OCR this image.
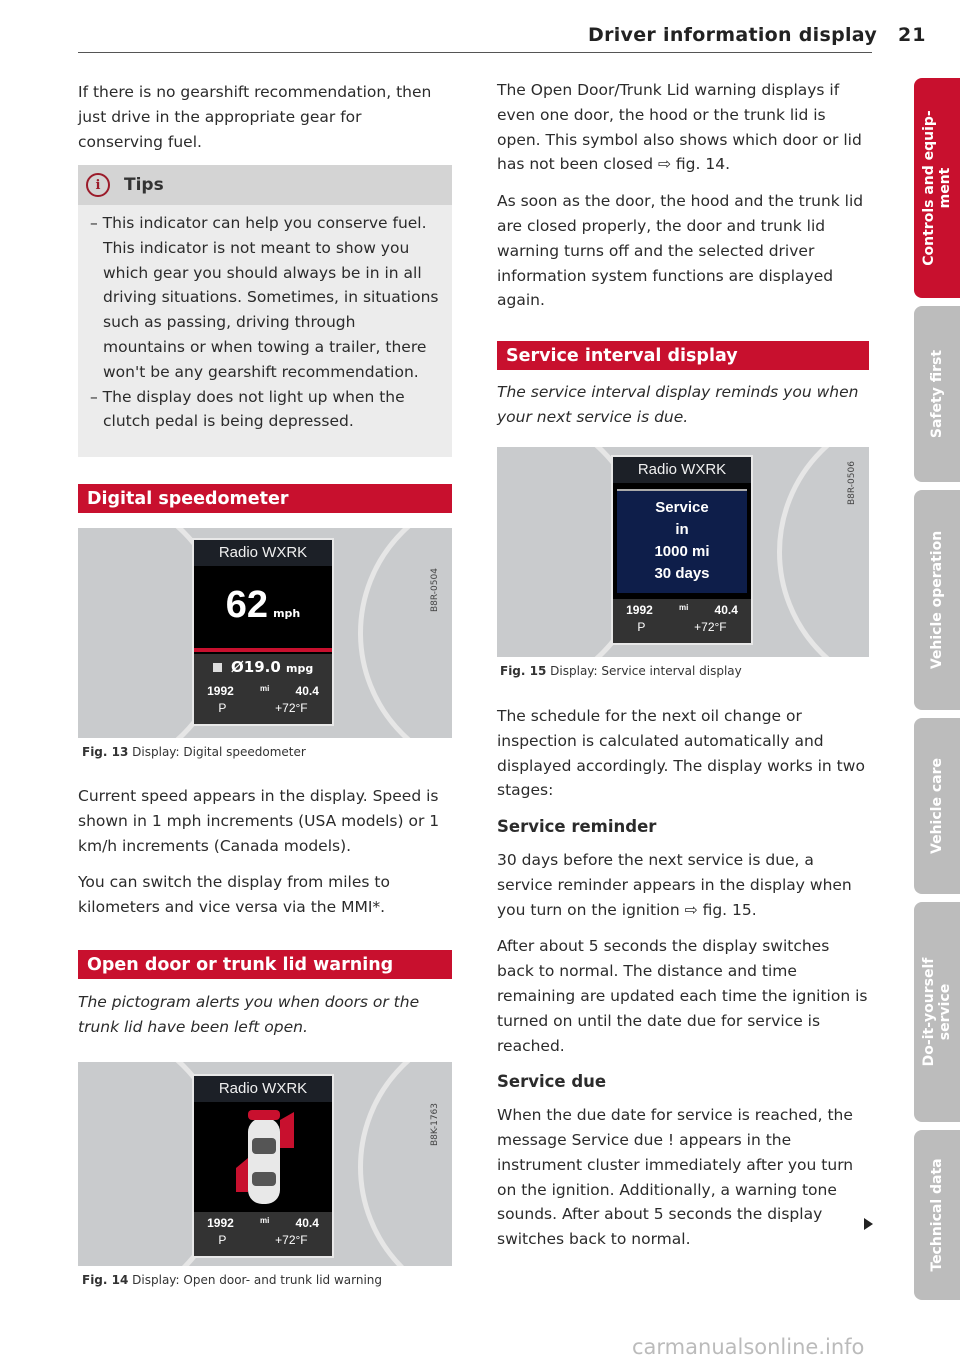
Driver information display 21

If there is no gearshift recommendation, then just drive in the appropriate gear for conserving fuel.

i	Tips
– This indicator can help you conserve fuel. This indicator is not meant to show you which gear you should always be in in all driving situations. Sometimes, in situations such as passing, driving through mountains or when towing a trailer, there won't be any gearshift recommendation.
– The display does not light up when the clutch pedal is being depressed.
Digital speedometer
Radio WXRK
62 mph
Ø19.0 mpg
1992	mi 40.4
P	+72°F
B8R-0504
Fig. 13 Display: Digital speedometer

Current speed appears in the display. Speed is shown in 1 mph increments (USA models) or 1 km/h increments (Canada models).

You can switch the display from miles to kilometers and vice versa via the MMI*.

Open door or trunk lid warning

The pictogram alerts you when doors or the trunk lid have been left open.

Radio WXRK
1992	mi 40.4
P	+72°F
B8K-1763
Fig. 14 Display: Open door- and trunk lid warning

The Open Door/Trunk Lid warning displays if even one door, the hood or the trunk lid is open. This symbol also shows which door or lid has not been closed ⇨ fig. 14.

As soon as the door, the hood and the trunk lid are closed properly, the door and trunk lid warning turns off and the selected driver information system functions are displayed again.

Service interval display

The service interval display reminds you when your next service is due.

Radio WXRK
Service
in
1000 mi
30 days
1992	mi 40.4
P	+72°F
B8R-0506
Fig. 15 Display: Service interval display

The schedule for the next oil change or inspection is calculated automatically and displayed accordingly. The display works in two stages:

Service reminder

30 days before the next service is due, a service reminder appears in the display when you turn on the ignition ⇨ fig. 15.

After about 5 seconds the display switches back to normal. The distance and time remaining are updated each time the ignition is turned on until the date due for service is reached.

Service due

When the due date for service is reached, the message Service due ! appears in the instrument cluster immediately after you turn on the ignition. Additionally, a warning tone sounds. After about 5 seconds the display switches back to normal.

Controls and equip-
ment
Safety first
Vehicle operation
Vehicle care
Do-it-yourself
service
Technical data
carmanualsonline.info
